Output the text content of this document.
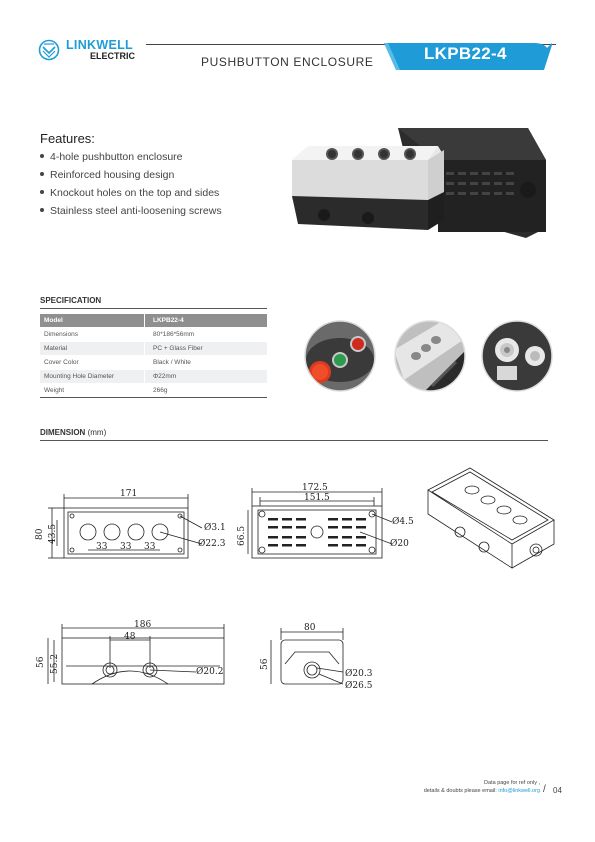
LINKWELL
ELECTRIC	PUSHBUTTON ENCLOSURE	LKPB22-4
Features:
4-hole pushbutton enclosure
Reinforced housing design
Knockout holes on the top and sides
Stainless steel anti-loosening screws
SPECIFICATION
Model	LKPB22-4
Dimensions	80*186*56mm
Material	PC + Glass Fiber
Cover Color	Black / White
Mounting Hole Diameter	Φ22mm
Weight	266g
DIMENSION (mm)
171
80 43.5
33 33 33
Ø3.1
Ø22.3
172.5
151.5
66.5
Ø4.5
Ø20
186
48
56 55.2	Ø20.2
80
56
Ø20.3
Ø26.5
Data page for ref only ,
details & doubts please email: info@linkwell.org / 04
